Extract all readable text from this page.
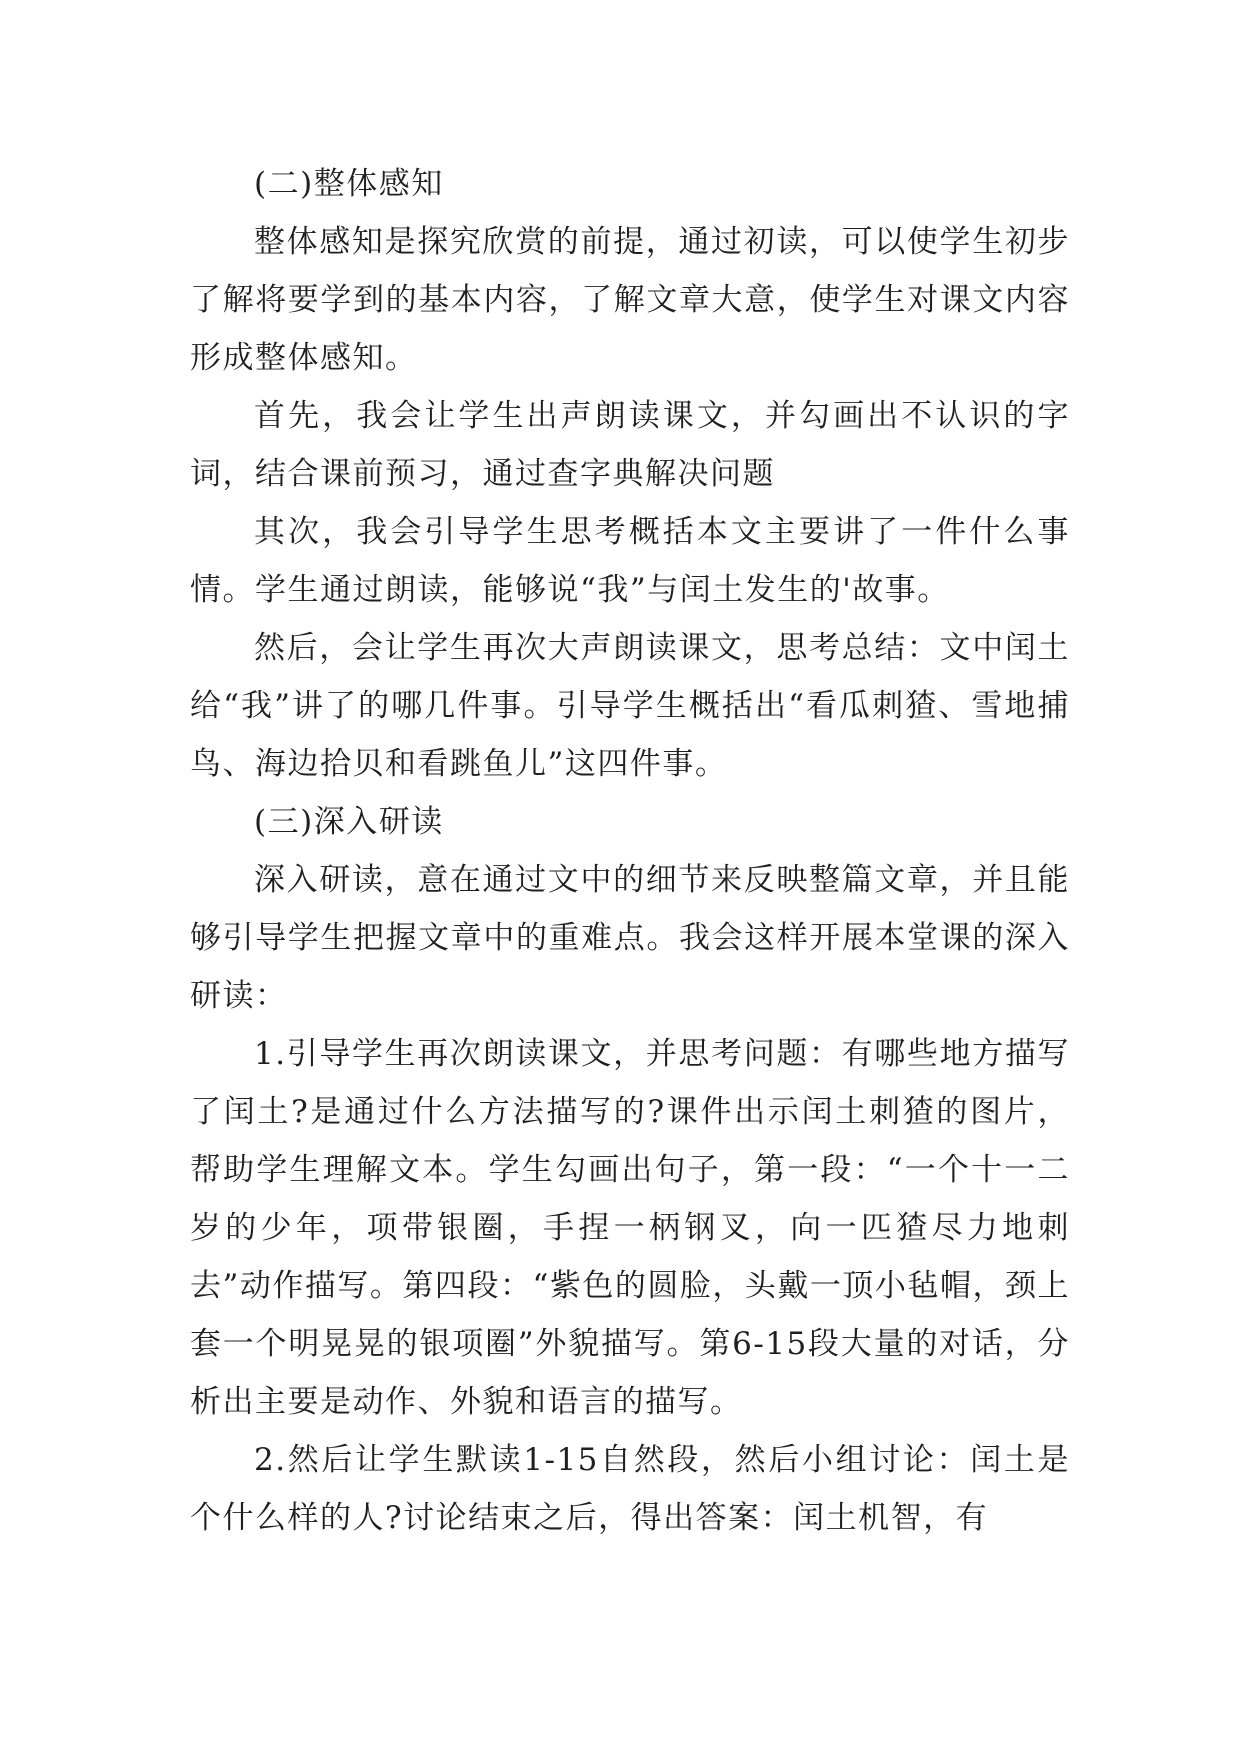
(二)整体感知

整体感知是探究欣赏的前提，通过初读，可以使学生初步了解将要学到的基本内容，了解文章大意，使学生对课文内容形成整体感知。

首先，我会让学生出声朗读课文，并勾画出不认识的字词，结合课前预习，通过查字典解决问题

其次，我会引导学生思考概括本文主要讲了一件什么事情。学生通过朗读，能够说“我”与闰土发生的'故事。

然后，会让学生再次大声朗读课文，思考总结：文中闰土给“我”讲了的哪几件事。引导学生概括出“看瓜刺猹、雪地捕鸟、海边拾贝和看跳鱼儿”这四件事。

(三)深入研读

深入研读，意在通过文中的细节来反映整篇文章，并且能够引导学生把握文章中的重难点。我会这样开展本堂课的深入研读：

1.引导学生再次朗读课文，并思考问题：有哪些地方描写了闰土?是通过什么方法描写的?课件出示闰土刺猹的图片，帮助学生理解文本。学生勾画出句子，第一段：“一个十一二岁的少年，项带银圈，手捏一柄钢叉，向一匹猹尽力地刺去”动作描写。第四段：“紫色的圆脸，头戴一顶小毡帽，颈上套一个明晃晃的银项圈”外貌描写。第6-15段大量的对话，分析出主要是动作、外貌和语言的描写。

2.然后让学生默读1-15自然段，然后小组讨论：闰土是个什么样的人?讨论结束之后，得出答案：闰土机智，有
